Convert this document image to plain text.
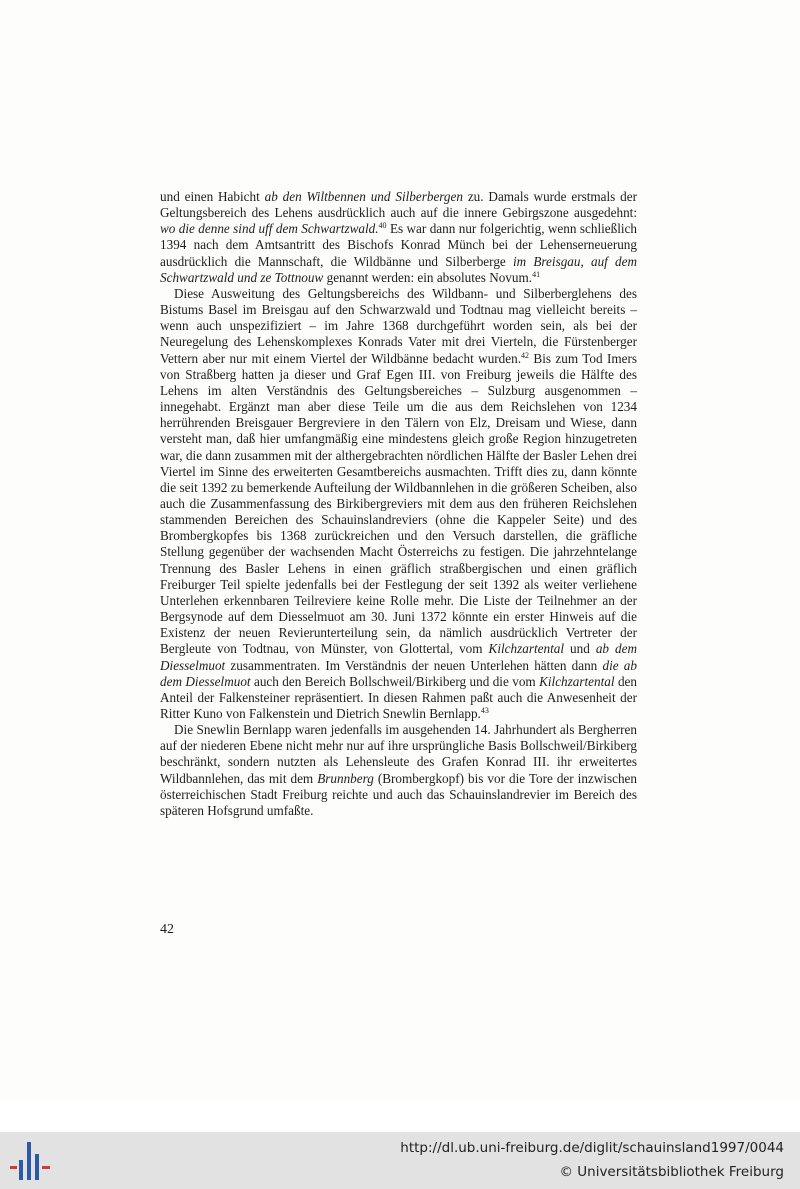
und einen Habicht ab den Wiltbennen und Silberbergen zu. Damals wurde erstmals der Geltungsbereich des Lehens ausdrücklich auch auf die innere Gebirgszone ausgedehnt: wo die denne sind uff dem Schwartzwald.$^{40}$ Es war dann nur folgerichtig, wenn schließlich 1394 nach dem Amtsantritt des Bischofs Konrad Münch bei der Lehenserneuerung ausdrücklich die Mannschaft, die Wildbänne und Silberberge im Breisgau, auf dem Schwartzwald und ze Tottnouw genannt werden: ein absolutes Novum.$^{41}$

Diese Ausweitung des Geltungsbereichs des Wildbann- und Silberberglehens des Bistums Basel im Breisgau auf den Schwarzwald und Todtnau mag vielleicht bereits – wenn auch unspezifiziert – im Jahre 1368 durchgeführt worden sein, als bei der Neuregelung des Lehenskomplexes Konrads Vater mit drei Vierteln, die Fürstenberger Vettern aber nur mit einem Viertel der Wildbänne bedacht wurden.$^{42}$ Bis zum Tod Imers von Straßberg hatten ja dieser und Graf Egen III. von Freiburg jeweils die Hälfte des Lehens im alten Verständnis des Geltungsbereiches – Sulzburg ausgenommen – innegehabt. Ergänzt man aber diese Teile um die aus dem Reichslehen von 1234 herrührenden Breisgauer Bergreviere in den Tälern von Elz, Dreisam und Wiese, dann versteht man, daß hier umfangmäßig eine mindestens gleich große Region hinzugetreten war, die dann zusammen mit der althergebrachten nördlichen Hälfte der Basler Lehen drei Viertel im Sinne des erweiterten Gesamtbereichs ausmachten. Trifft dies zu, dann könnte die seit 1392 zu bemerkende Aufteilung der Wildbannlehen in die größeren Scheiben, also auch die Zusammenfassung des Birkibergreviers mit dem aus den früheren Reichslehen stammenden Bereichen des Schauinslandreviers (ohne die Kappeler Seite) und des Brombergkopfes bis 1368 zurückreichen und den Versuch darstellen, die gräfliche Stellung gegenüber der wachsenden Macht Österreichs zu festigen. Die jahrzehntelange Trennung des Basler Lehens in einen gräflich straßbergischen und einen gräflich Freiburger Teil spielte jedenfalls bei der Festlegung der seit 1392 als weiter verliehene Unterlehen erkennbaren Teilreviere keine Rolle mehr. Die Liste der Teilnehmer an der Bergsynode auf dem Diesselmuot am 30. Juni 1372 könnte ein erster Hinweis auf die Existenz der neuen Revierunterteilung sein, da nämlich ausdrücklich Vertreter der Bergleute von Todtnau, von Münster, von Glottertal, vom Kilchzartental und ab dem Diesselmuot zusammentraten. Im Verständnis der neuen Unterlehen hätten dann die ab dem Diesselmuot auch den Bereich Bollschweil/Birkiberg und die vom Kilchzartental den Anteil der Falkensteiner repräsentiert. In diesen Rahmen paßt auch die Anwesenheit der Ritter Kuno von Falkenstein und Dietrich Snewlin Bernlapp.$^{43}$

Die Snewlin Bernlapp waren jedenfalls im ausgehenden 14. Jahrhundert als Bergherren auf der niederen Ebene nicht mehr nur auf ihre ursprüngliche Basis Bollschweil/Birkiberg beschränkt, sondern nutzten als Lehensleute des Grafen Konrad III. ihr erweitertes Wildbannlehen, das mit dem Brunnberg (Brombergkopf) bis vor die Tore der inzwischen österreichischen Stadt Freiburg reichte und auch das Schauinslandrevier im Bereich des späteren Hofsgrund umfaßte.

42
http://dl.ub.uni-freiburg.de/diglit/schauinsland1997/0044
© Universitätsbibliothek Freiburg
